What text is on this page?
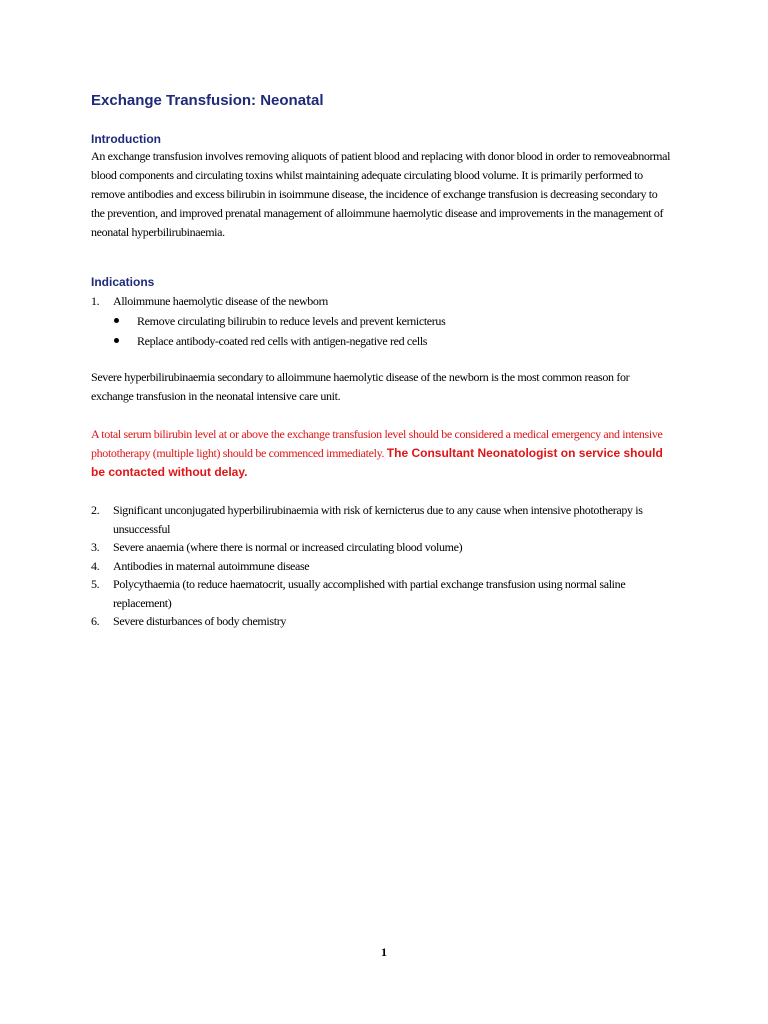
Exchange Transfusion: Neonatal
Introduction

An exchange transfusion involves removing aliquots of patient blood and replacing with donor blood in order to removeabnormal blood components and circulating toxins whilst maintaining adequate circulating blood volume. It is primarily performed to remove antibodies and excess bilirubin in isoimmune disease, the incidence of exchange transfusion is decreasing secondary to the prevention, and improved prenatal management of alloimmune haemolytic disease and improvements in the management of neonatal hyperbilirubinaemia.

Indications
1. Alloimmune haemolytic disease of the newborn
Remove circulating bilirubin to reduce levels and prevent kernicterus
Replace antibody-coated red cells with antigen-negative red cells

Severe hyperbilirubinaemia secondary to alloimmune haemolytic disease of the newborn is the most common reason for exchange transfusion in the neonatal intensive care unit.

A total serum bilirubin level at or above the exchange transfusion level should be considered a medical emergency and intensive phototherapy (multiple light) should be commenced immediately. The Consultant Neonatologist on service should be contacted without delay.

2. Significant unconjugated hyperbilirubinaemia with risk of kernicterus due to any cause when intensive phototherapy is unsuccessful
3. Severe anaemia (where there is normal or increased circulating blood volume)
4. Antibodies in maternal autoimmune disease
5. Polycythaemia (to reduce haematocrit, usually accomplished with partial exchange transfusion using normal saline replacement)
6. Severe disturbances of body chemistry

1
